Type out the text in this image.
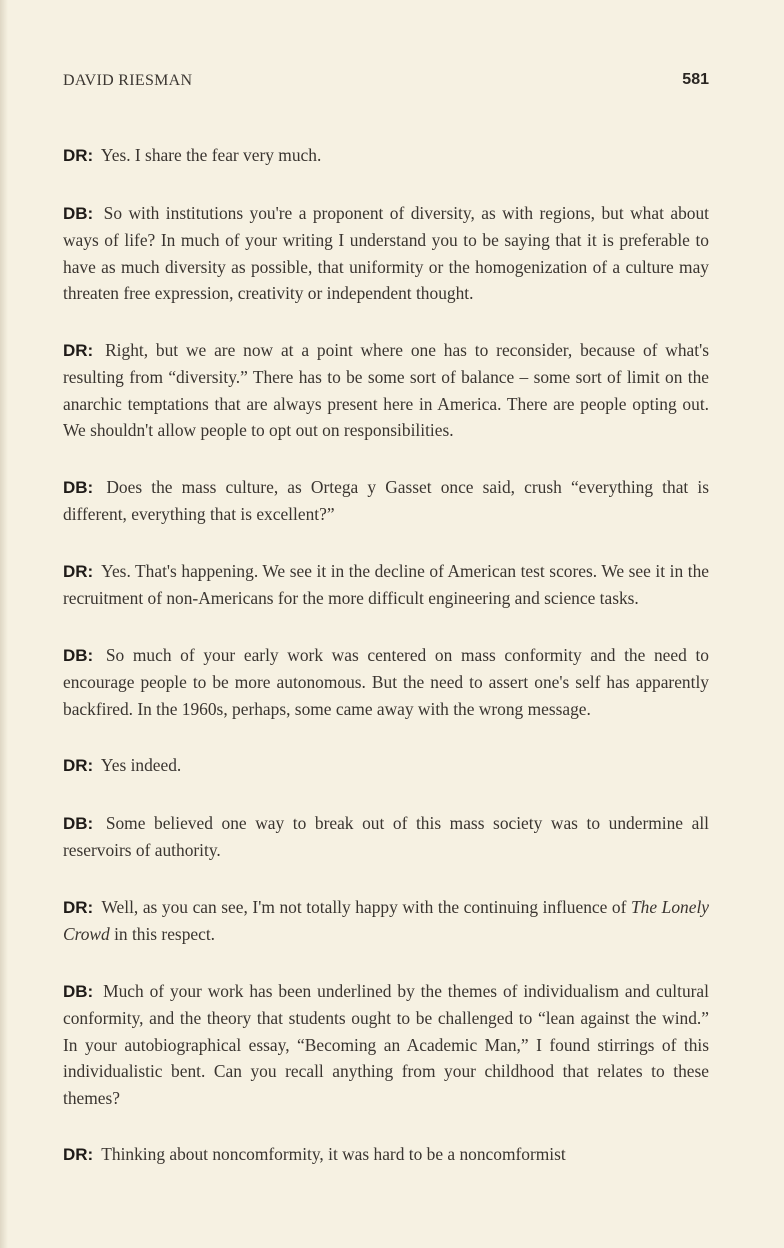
DAVID RIESMAN	581

DR: Yes. I share the fear very much.

DB: So with institutions you're a proponent of diversity, as with regions, but what about ways of life? In much of your writing I understand you to be saying that it is preferable to have as much diversity as possible, that uniformity or the homogenization of a culture may threaten free expression, creativity or independent thought.

DR: Right, but we are now at a point where one has to reconsider, because of what's resulting from “diversity.” There has to be some sort of balance – some sort of limit on the anarchic temptations that are always present here in America. There are people opting out. We shouldn't allow people to opt out on responsibilities.

DB: Does the mass culture, as Ortega y Gasset once said, crush “everything that is different, everything that is excellent?”

DR: Yes. That's happening. We see it in the decline of American test scores. We see it in the recruitment of non-Americans for the more difficult engineering and science tasks.

DB: So much of your early work was centered on mass conformity and the need to encourage people to be more autonomous. But the need to assert one's self has apparently backfired. In the 1960s, perhaps, some came away with the wrong message.

DR: Yes indeed.

DB: Some believed one way to break out of this mass society was to undermine all reservoirs of authority.

DR: Well, as you can see, I'm not totally happy with the continuing influence of The Lonely Crowd in this respect.

DB: Much of your work has been underlined by the themes of individualism and cultural conformity, and the theory that students ought to be challenged to “lean against the wind.” In your autobiographical essay, “Becoming an Academic Man,” I found stirrings of this individualistic bent. Can you recall anything from your childhood that relates to these themes?

DR: Thinking about noncomformity, it was hard to be a noncomformist
